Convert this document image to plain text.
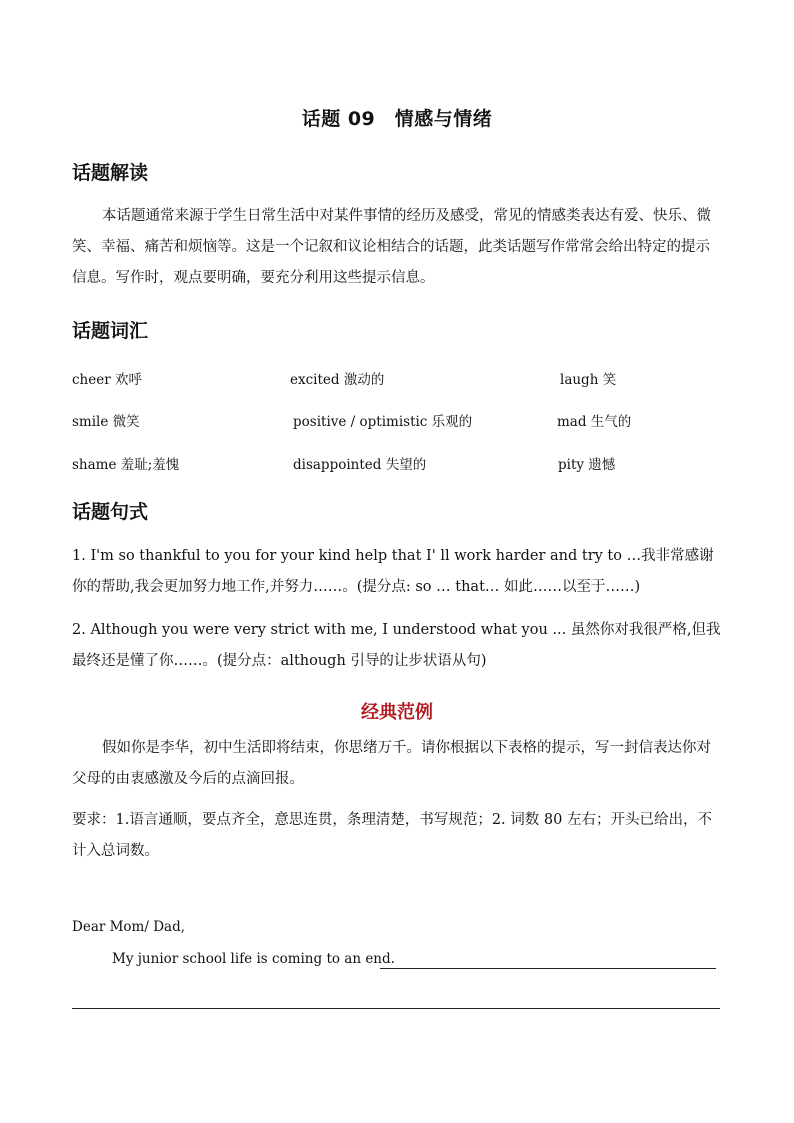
话题 09　情感与情绪
话题解读
本话题通常来源于学生日常生活中对某件事情的经历及感受，常见的情感类表达有爱、快乐、微笑、幸福、痛苦和烦恼等。这是一个记叙和议论相结合的话题，此类话题写作常常会给出特定的提示信息。写作时，观点要明确，要充分利用这些提示信息。
话题词汇
cheer 欢呼	excited 激动的	laugh 笑
smile 微笑	positive / optimistic 乐观的	mad 生气的
shame 羞耻;羞愧	disappointed 失望的	pity 遗憾
话题句式
1. I'm so thankful to you for your kind help that I' ll work harder and try to …我非常感谢你的帮助,我会更加努力地工作,并努力……。(提分点: so … that… 如此……以至于……)
2. Although you were very strict with me, I understood what you ... 虽然你对我很严格,但我最终还是懂了你……。(提分点：although 引导的让步状语从句)
经典范例
假如你是李华，初中生活即将结束，你思绪万千。请你根据以下表格的提示，写一封信表达你对父母的由衷感激及今后的点滴回报。
要求：1.语言通顺，要点齐全，意思连贯，条理清楚，书写规范；2. 词数 80 左右；开头已给出，不计入总词数。
Dear Mom/ Dad,
My junior school life is coming to an end.
